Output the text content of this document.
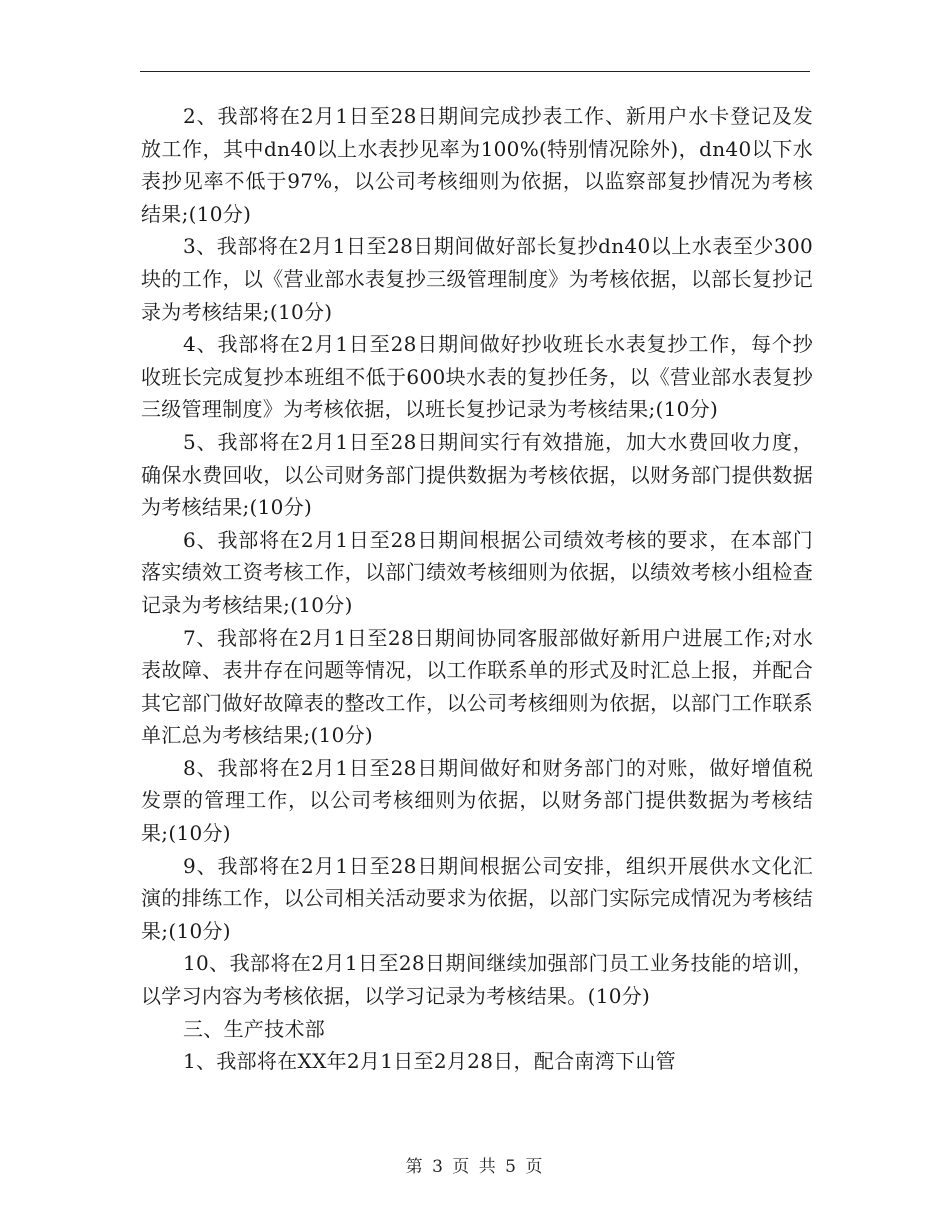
2、我部将在2月1日至28日期间完成抄表工作、新用户水卡登记及发放工作，其中dn40以上水表抄见率为100%(特别情况除外)，dn40以下水表抄见率不低于97%，以公司考核细则为依据，以监察部复抄情况为考核结果;(10分)

3、我部将在2月1日至28日期间做好部长复抄dn40以上水表至少300块的工作，以《营业部水表复抄三级管理制度》为考核依据，以部长复抄记录为考核结果;(10分)

4、我部将在2月1日至28日期间做好抄收班长水表复抄工作，每个抄收班长完成复抄本班组不低于600块水表的复抄任务，以《营业部水表复抄三级管理制度》为考核依据，以班长复抄记录为考核结果;(10分)

5、我部将在2月1日至28日期间实行有效措施，加大水费回收力度，确保水费回收，以公司财务部门提供数据为考核依据，以财务部门提供数据为考核结果;(10分)

6、我部将在2月1日至28日期间根据公司绩效考核的要求，在本部门落实绩效工资考核工作，以部门绩效考核细则为依据，以绩效考核小组检查记录为考核结果;(10分)

7、我部将在2月1日至28日期间协同客服部做好新用户进展工作;对水表故障、表井存在问题等情况，以工作联系单的形式及时汇总上报，并配合其它部门做好故障表的整改工作，以公司考核细则为依据，以部门工作联系单汇总为考核结果;(10分)

8、我部将在2月1日至28日期间做好和财务部门的对账，做好增值税发票的管理工作，以公司考核细则为依据，以财务部门提供数据为考核结果;(10分)

9、我部将在2月1日至28日期间根据公司安排，组织开展供水文化汇演的排练工作，以公司相关活动要求为依据，以部门实际完成情况为考核结果;(10分)

10、我部将在2月1日至28日期间继续加强部门员工业务技能的培训，以学习内容为考核依据，以学习记录为考核结果。(10分)

三、生产技术部

1、我部将在XX年2月1日至2月28日，配合南湾下山管

第 3 页 共 5 页
